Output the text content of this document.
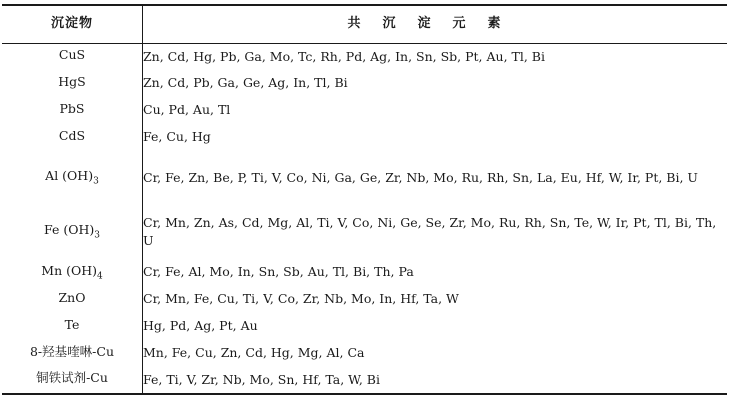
沉淀物	共沉淀元素
CuS	Zn, Cd, Hg, Pb, Ga, Mo, Tc, Rh, Pd, Ag, In, Sn, Sb, Pt, Au, Tl, Bi
HgS	Zn, Cd, Pb, Ga, Ge, Ag, In, Tl, Bi
PbS	Cu, Pd, Au, Tl
CdS	Fe, Cu, Hg
Al $(OH)_3$	Cr, Fe, Zn, Be, P, Ti, V, Co, Ni, Ga, Ge, Zr, Nb, Mo, Ru, Rh, Sn, La, Eu, Hf, W, Ir, Pt, Bi, U
Fe $(OH)_3$	Cr, Mn, Zn, As, Cd, Mg, Al, Ti, V, Co, Ni, Ge, Se, Zr, Mo, Ru, Rh, Sn, Te, W, Ir, Pt, Tl, Bi, Th, U
Mn $(OH)_4$	Cr, Fe, Al, Mo, In, Sn, Sb, Au, Tl, Bi, Th, Pa
ZnO	Cr, Mn, Fe, Cu, Ti, V, Co, Zr, Nb, Mo, In, Hf, Ta, W
Te	Hg, Pd, Ag, Pt, Au
8-羟基喹啉-Cu	Mn, Fe, Cu, Zn, Cd, Hg, Mg, Al, Ca
铜铁试剂-Cu	Fe, Ti, V, Zr, Nb, Mo, Sn, Hf, Ta, W, Bi
